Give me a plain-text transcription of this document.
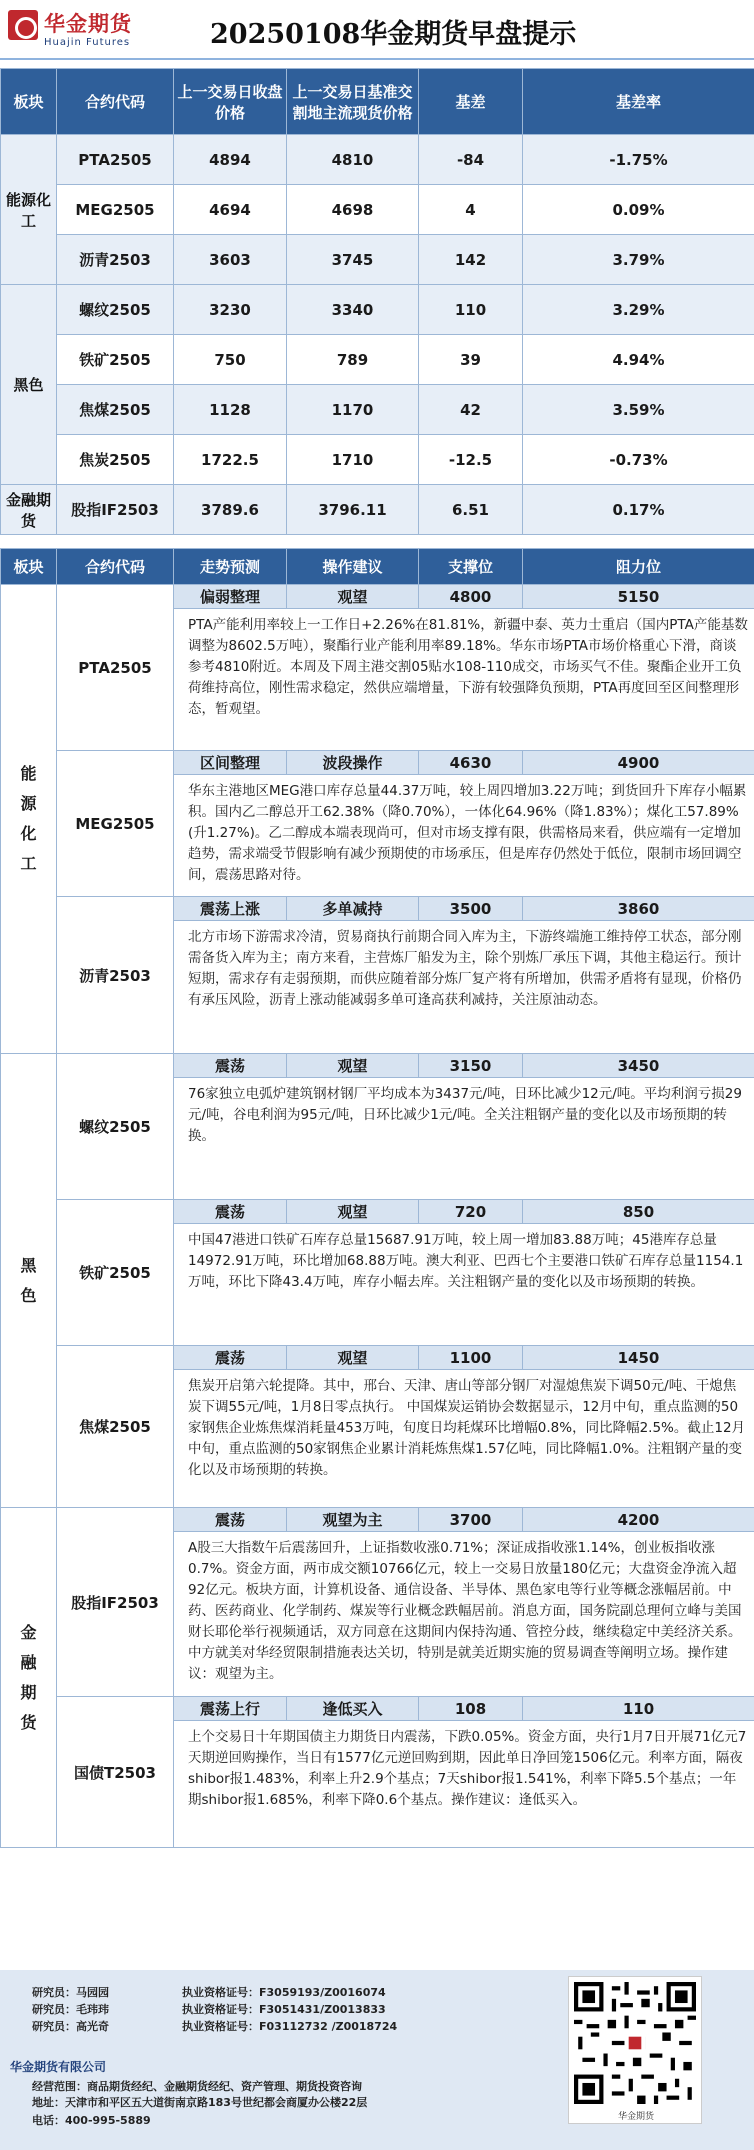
华金期货
Huajin Futures	20250108华金期货早盘提示
板块	合约代码	上一交易日收盘价格	上一交易日基准交割地主流现货价格	基差	基差率
能源化工	PTA2505	4894	4810	-84	-1.75%
	MEG2505	4694	4698	4	0.09%
	沥青2503	3603	3745	142	3.79%
黑色	螺纹2505	3230	3340	110	3.29%
	铁矿2505	750	789	39	4.94%
	焦煤2505	1128	1170	42	3.59%
	焦炭2505	1722.5	1710	-12.5	-0.73%
金融期货	股指IF2503	3789.6	3796.11	6.51	0.17%
板块	合约代码	走势预测	操作建议	支撑位	阻力位
能源化工	PTA2505	偏弱整理	观望	4800	5150
		PTA产能利用率较上一工作日+2.26%在81.81%，新疆中泰、英力士重启（国内PTA产能基数调整为8602.5万吨），聚酯行业产能利用率89.18%。华东市场PTA市场价格重心下滑，商谈参考4810附近。本周及下周主港交割05贴水108-110成交，市场买气不佳。聚酯企业开工负荷维持高位，刚性需求稳定，然供应端增量，下游有较强降负预期，PTA再度回至区间整理形态，暂观望。			
	MEG2505	区间整理	波段操作	4630	4900
		华东主港地区MEG港口库存总量44.37万吨，较上周四增加3.22万吨；到货回升下库存小幅累积。国内乙二醇总开工62.38%（降0.70%），一体化64.96%（降1.83%）；煤化工57.89%(升1.27%)。乙二醇成本端表现尚可，但对市场支撑有限，供需格局来看，供应端有一定增加趋势，需求端受节假影响有减少预期使的市场承压，但是库存仍然处于低位，限制市场回调空间，震荡思路对待。			
	沥青2503	震荡上涨	多单减持	3500	3860
		北方市场下游需求冷清，贸易商执行前期合同入库为主，下游终端施工维持停工状态，部分刚需备货入库为主；南方来看，主营炼厂船发为主，除个别炼厂承压下调，其他主稳运行。预计短期，需求存有走弱预期，而供应随着部分炼厂复产将有所增加，供需矛盾将有显现，价格仍有承压风险，沥青上涨动能减弱多单可逢高获利减持，关注原油动态。			
黑色	螺纹2505	震荡	观望	3150	3450
		76家独立电弧炉建筑钢材钢厂平均成本为3437元/吨，日环比减少12元/吨。平均利润亏损29元/吨，谷电利润为95元/吨，日环比减少1元/吨。全关注粗钢产量的变化以及市场预期的转换。			
	铁矿2505	震荡	观望	720	850
		中国47港进口铁矿石库存总量15687.91万吨，较上周一增加83.88万吨；45港库存总量14972.91万吨，环比增加68.88万吨。澳大利亚、巴西七个主要港口铁矿石库存总量1154.1万吨，环比下降43.4万吨，库存小幅去库。关注粗钢产量的变化以及市场预期的转换。			
	焦煤2505	震荡	观望	1100	1450
		焦炭开启第六轮提降。其中，邢台、天津、唐山等部分钢厂对湿熄焦炭下调50元/吨、干熄焦炭下调55元/吨，1月8日零点执行。 中国煤炭运销协会数据显示，12月中旬，重点监测的50家钢焦企业炼焦煤消耗量453万吨，旬度日均耗煤环比增幅0.8%，同比降幅2.5%。截止12月中旬，重点监测的50家钢焦企业累计消耗炼焦煤1.57亿吨，同比降幅1.0%。注粗钢产量的变化以及市场预期的转换。			
金融期货	股指IF2503	震荡	观望为主	3700	4200
		A股三大指数午后震荡回升，上证指数收涨0.71%；深证成指收涨1.14%，创业板指收涨0.7%。资金方面，两市成交额10766亿元，较上一交易日放量180亿元；大盘资金净流入超92亿元。板块方面，计算机设备、通信设备、半导体、黑色家电等行业等概念涨幅居前。中药、医药商业、化学制药、煤炭等行业概念跌幅居前。消息方面，国务院副总理何立峰与美国财长耶伦举行视频通话，双方同意在这期间内保持沟通、管控分歧，继续稳定中美经济关系。中方就美对华经贸限制措施表达关切，特别是就美近期实施的贸易调查等阐明立场。操作建议：观望为主。			
	国债T2503	震荡上行	逢低买入	108	110
		上个交易日十年期国债主力期货日内震荡，下跌0.05%。资金方面，央行1月7日开展71亿元7天期逆回购操作，当日有1577亿元逆回购到期，因此单日净回笼1506亿元。利率方面，隔夜shibor报1.483%，利率上升2.9个基点；7天shibor报1.541%，利率下降5.5个基点；一年期shibor报1.685%，利率下降0.6个基点。操作建议：逢低买入。			
研究员：马园园	执业资格证号：F3059193/Z0016074
研究员：毛玮玮	执业资格证号：F3051431/Z0013833
研究员：高光奇	执业资格证号：F03112732 /Z0018724
华金期货有限公司
经营范围：商品期货经纪、金融期货经纪、资产管理、期货投资咨询
地址：天津市和平区五大道街南京路183号世纪都会商厦办公楼22层
电话：400-995-5889	华金期货
